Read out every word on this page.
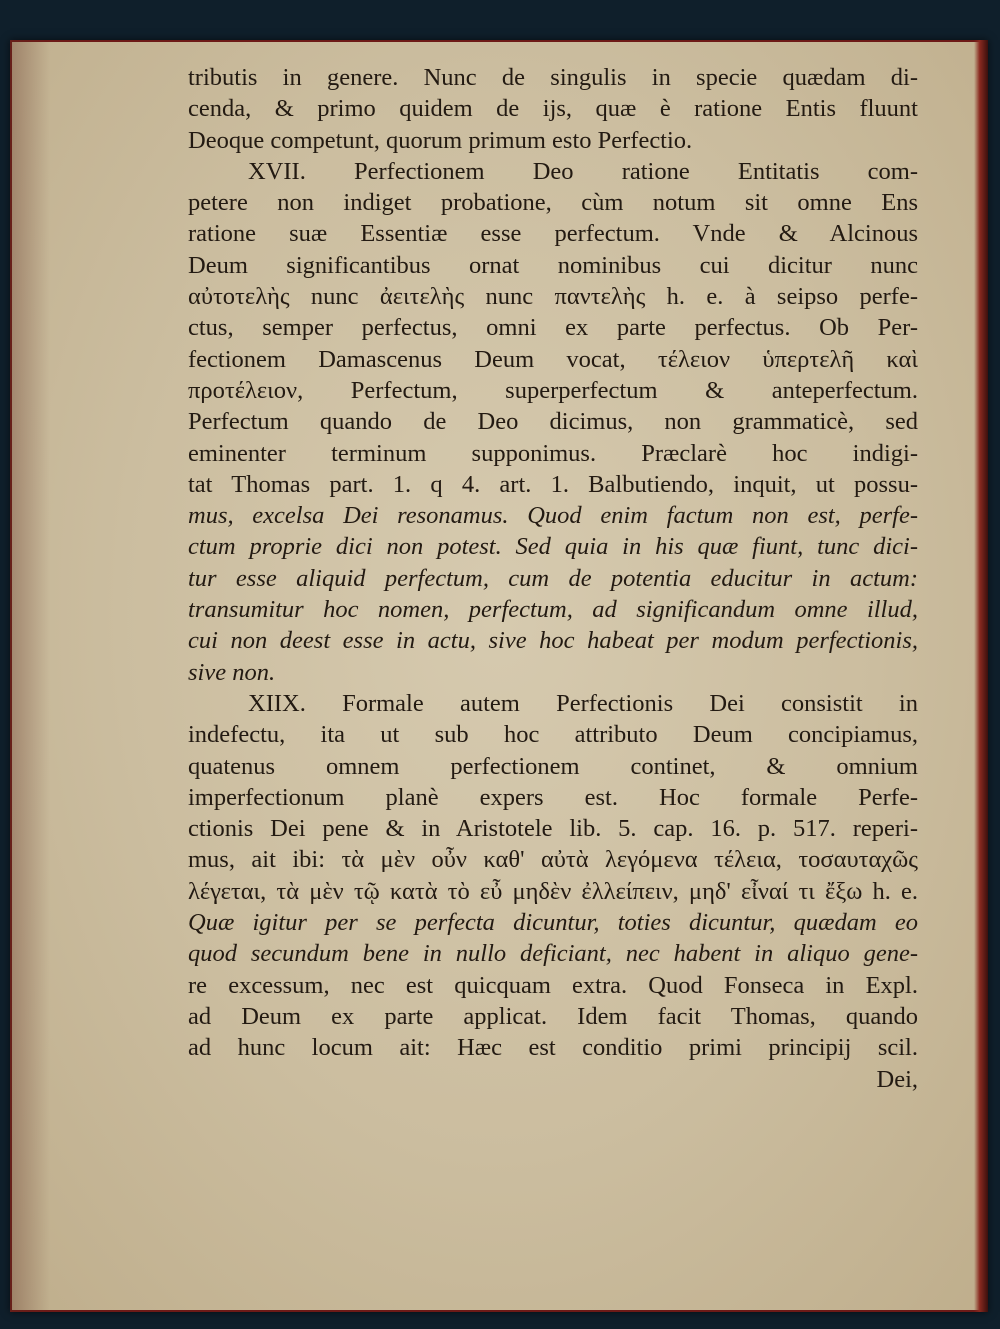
tributis in genere. Nunc de singulis in specie quædam di-
cenda, & primo quidem de ijs, quæ è ratione Entis fluunt
Deoque competunt, quorum primum esto Perfectio.
XVII. Perfectionem Deo ratione Entitatis com-
petere non indiget probatione, cùm notum sit omne Ens
ratione suæ Essentiæ esse perfectum. Vnde & Alcinous
Deum significantibus ornat nominibus cui dicitur nunc
αὐτοτελὴς nunc ἀειτελὴς nunc παντελὴς h. e. à seipso perfe-
ctus, semper perfectus, omni ex parte perfectus. Ob Per-
fectionem Damascenus Deum vocat, τέλειον ὑπερτελῆ καὶ
προτέλειον, Perfectum, superperfectum & anteperfectum.
Perfectum quando de Deo dicimus, non grammaticè, sed
eminenter terminum supponimus. Præclarè hoc indigi-
tat Thomas part. 1. q 4. art. 1. Balbutiendo, inquit, ut possu-
mus, excelsa Dei resonamus. Quod enim factum non est, perfe-
ctum proprie dici non potest. Sed quia in his quæ fiunt, tunc dici-
tur esse aliquid perfectum, cum de potentia educitur in actum:
transumitur hoc nomen, perfectum, ad significandum omne illud,
cui non deest esse in actu, sive hoc habeat per modum perfectionis,
sive non.
XIIX. Formale autem Perfectionis Dei consistit in
indefectu, ita ut sub hoc attributo Deum concipiamus,
quatenus omnem perfectionem continet, & omnium
imperfectionum planè expers est. Hoc formale Perfe-
ctionis Dei pene & in Aristotele lib. 5. cap. 16. p. 517. reperi-
mus, ait ibi: τὰ μὲν οὖν καθ' αὐτὰ λεγόμενα τέλεια, τοσαυταχῶς
λέγεται, τὰ μὲν τῷ κατὰ τὸ εὖ μηδὲν ἐλλείπειν, μηδ' εἶναί τι ἔξω h. e.
Quæ igitur per se perfecta dicuntur, toties dicuntur, quædam eo
quod secundum bene in nullo deficiant, nec habent in aliquo gene-
re excessum, nec est quicquam extra. Quod Fonseca in Expl.
ad Deum ex parte applicat. Idem facit Thomas, quando
ad hunc locum ait: Hæc est conditio primi principij scil.
Dei,
